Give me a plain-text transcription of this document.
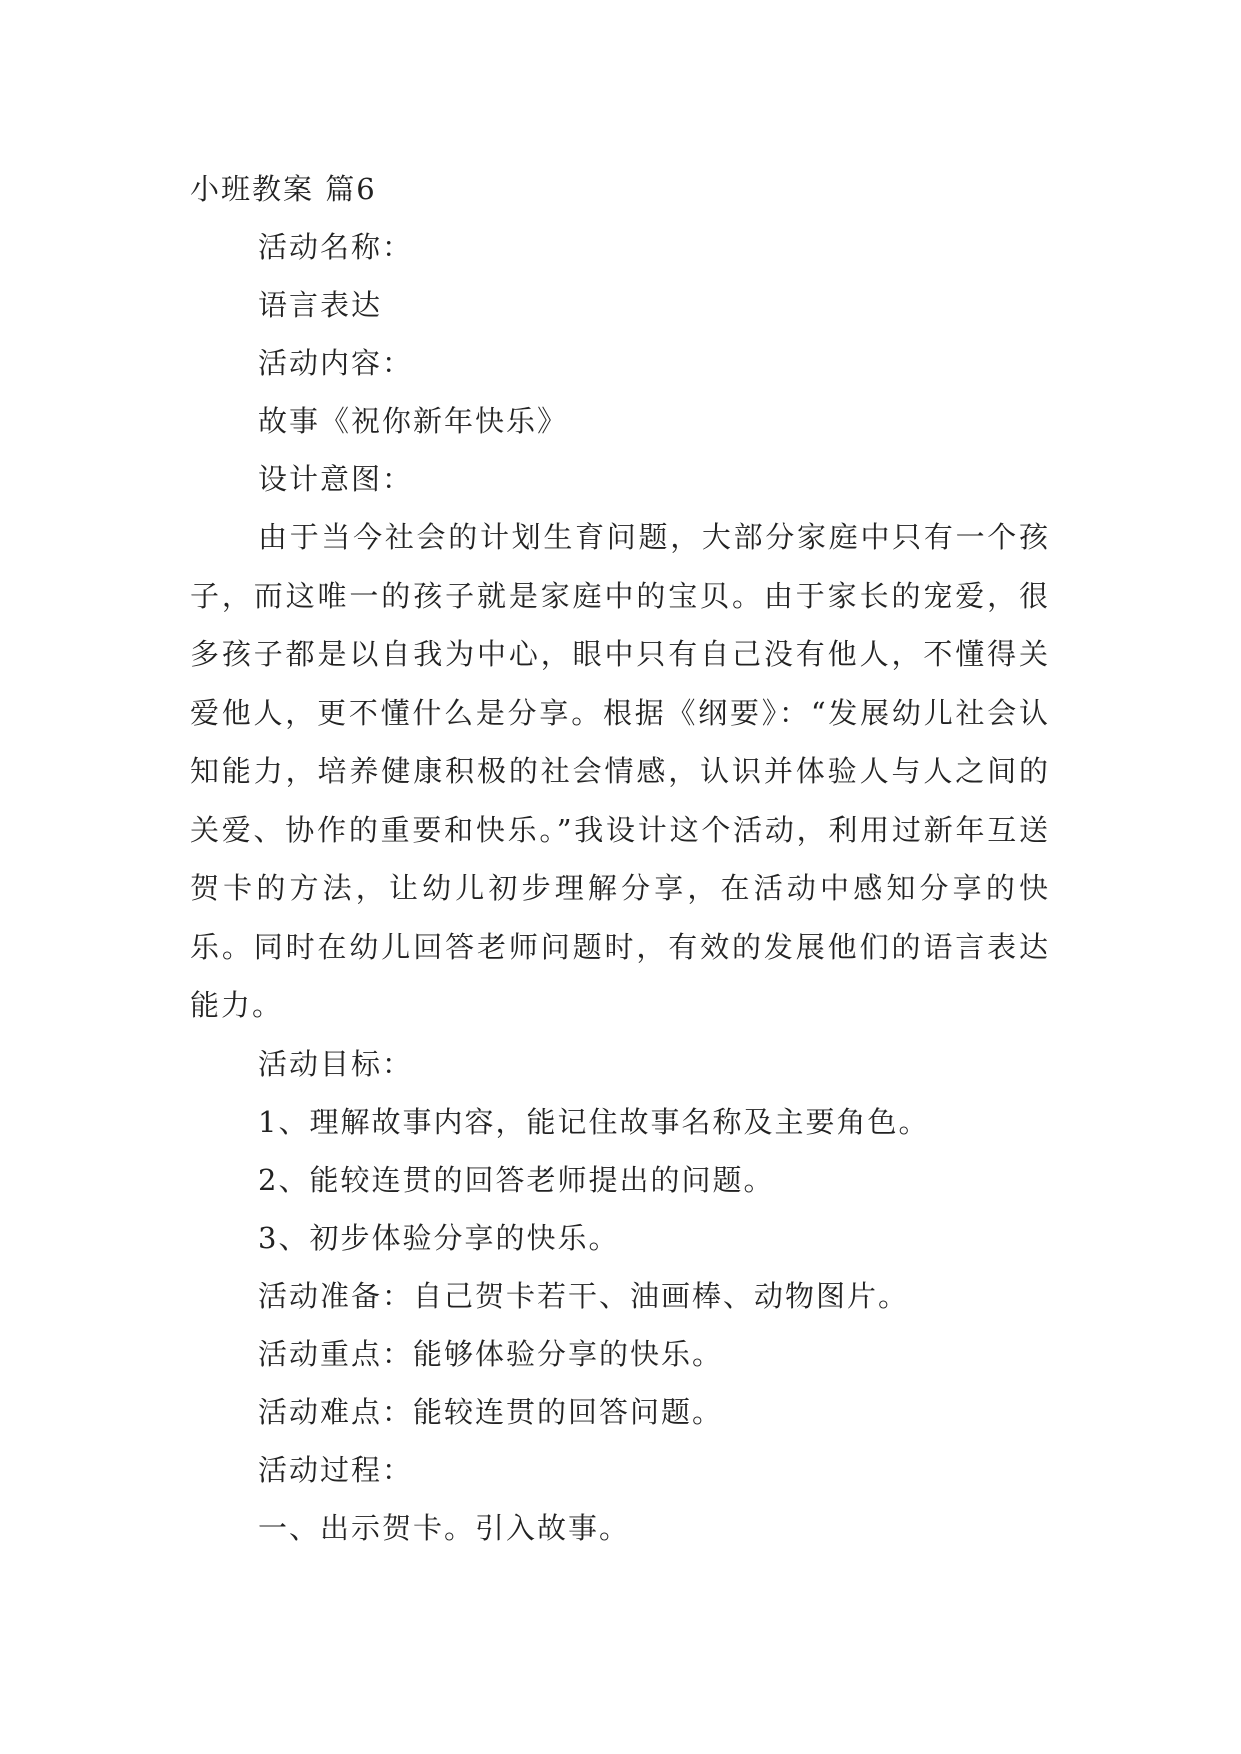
小班教案 篇6

活动名称：

语言表达

活动内容：

故事《祝你新年快乐》

设计意图：

由于当今社会的计划生育问题，大部分家庭中只有一个孩子，而这唯一的孩子就是家庭中的宝贝。由于家长的宠爱，很多孩子都是以自我为中心，眼中只有自己没有他人，不懂得关爱他人，更不懂什么是分享。根据《纲要》：“发展幼儿社会认知能力，培养健康积极的社会情感，认识并体验人与人之间的关爱、协作的重要和快乐。”我设计这个活动，利用过新年互送贺卡的方法，让幼儿初步理解分享，在活动中感知分享的快乐。同时在幼儿回答老师问题时，有效的发展他们的语言表达能力。

活动目标：

1、理解故事内容，能记住故事名称及主要角色。

2、能较连贯的回答老师提出的问题。

3、初步体验分享的快乐。

活动准备：自己贺卡若干、油画棒、动物图片。

活动重点：能够体验分享的快乐。

活动难点：能较连贯的回答问题。

活动过程：

一、出示贺卡。引入故事。
